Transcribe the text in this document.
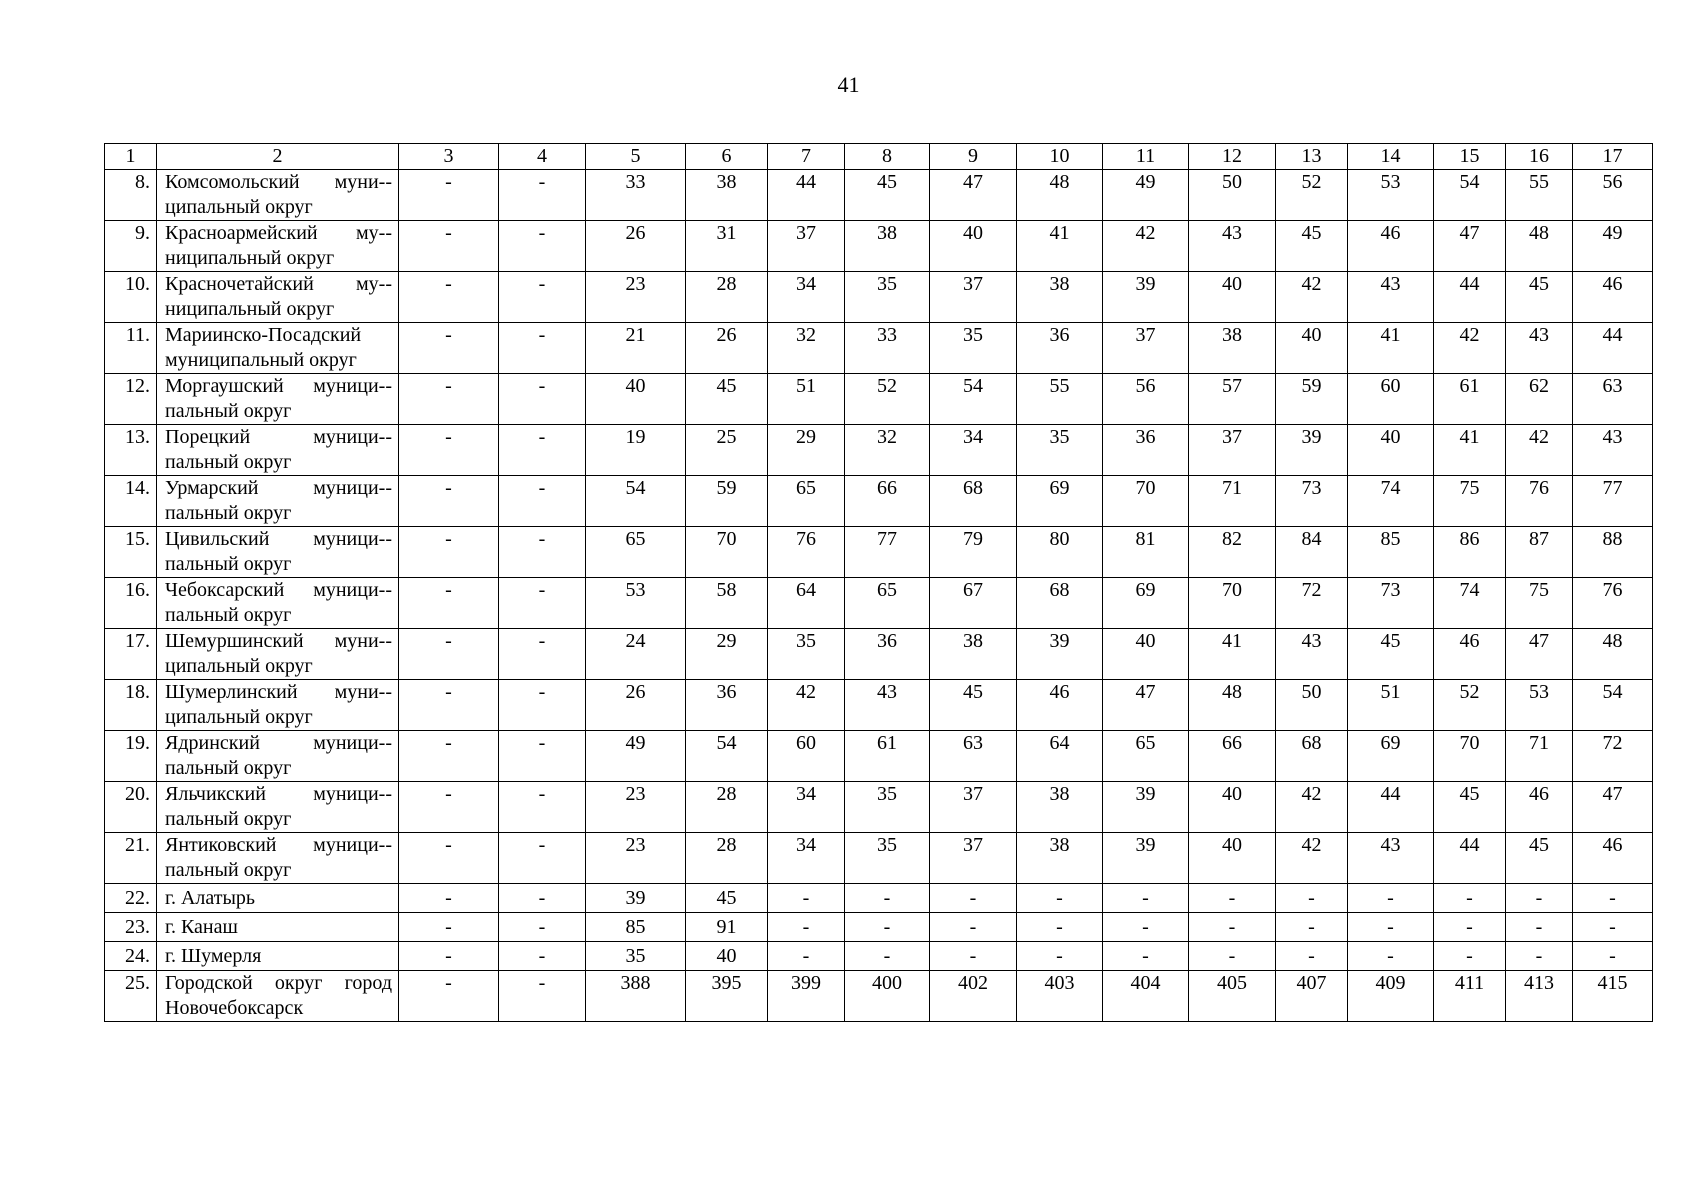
41
1	2	3	4	5	6	7	8	9	10	11	12	13	14	15	16	17
8.	Комсомольский муни-ципальный округ	-	-	33	38	44	45	47	48	49	50	52	53	54	55	56
9.	Красноармейский му-ниципальный округ	-	-	26	31	37	38	40	41	42	43	45	46	47	48	49
10.	Красночетайский му-ниципальный округ	-	-	23	28	34	35	37	38	39	40	42	43	44	45	46
11.	Мариинско-Посадский муниципальный округ	-	-	21	26	32	33	35	36	37	38	40	41	42	43	44
12.	Моргаушский муници-пальный округ	-	-	40	45	51	52	54	55	56	57	59	60	61	62	63
13.	Порецкий муници-пальный округ	-	-	19	25	29	32	34	35	36	37	39	40	41	42	43
14.	Урмарский муници-пальный округ	-	-	54	59	65	66	68	69	70	71	73	74	75	76	77
15.	Цивильский муници-пальный округ	-	-	65	70	76	77	79	80	81	82	84	85	86	87	88
16.	Чебоксарский муници-пальный округ	-	-	53	58	64	65	67	68	69	70	72	73	74	75	76
17.	Шемуршинский муни-ципальный округ	-	-	24	29	35	36	38	39	40	41	43	45	46	47	48
18.	Шумерлинский муни-ципальный округ	-	-	26	36	42	43	45	46	47	48	50	51	52	53	54
19.	Ядринский муници-пальный округ	-	-	49	54	60	61	63	64	65	66	68	69	70	71	72
20.	Яльчикский муници-пальный округ	-	-	23	28	34	35	37	38	39	40	42	44	45	46	47
21.	Янтиковский муници-пальный округ	-	-	23	28	34	35	37	38	39	40	42	43	44	45	46
22.	г. Алатырь	-	-	39	45	-	-	-	-	-	-	-	-	-	-	-
23.	г. Канаш	-	-	85	91	-	-	-	-	-	-	-	-	-	-	-
24.	г. Шумерля	-	-	35	40	-	-	-	-	-	-	-	-	-	-	-
25.	Городской округ город Новочебоксарск	-	-	388	395	399	400	402	403	404	405	407	409	411	413	415
